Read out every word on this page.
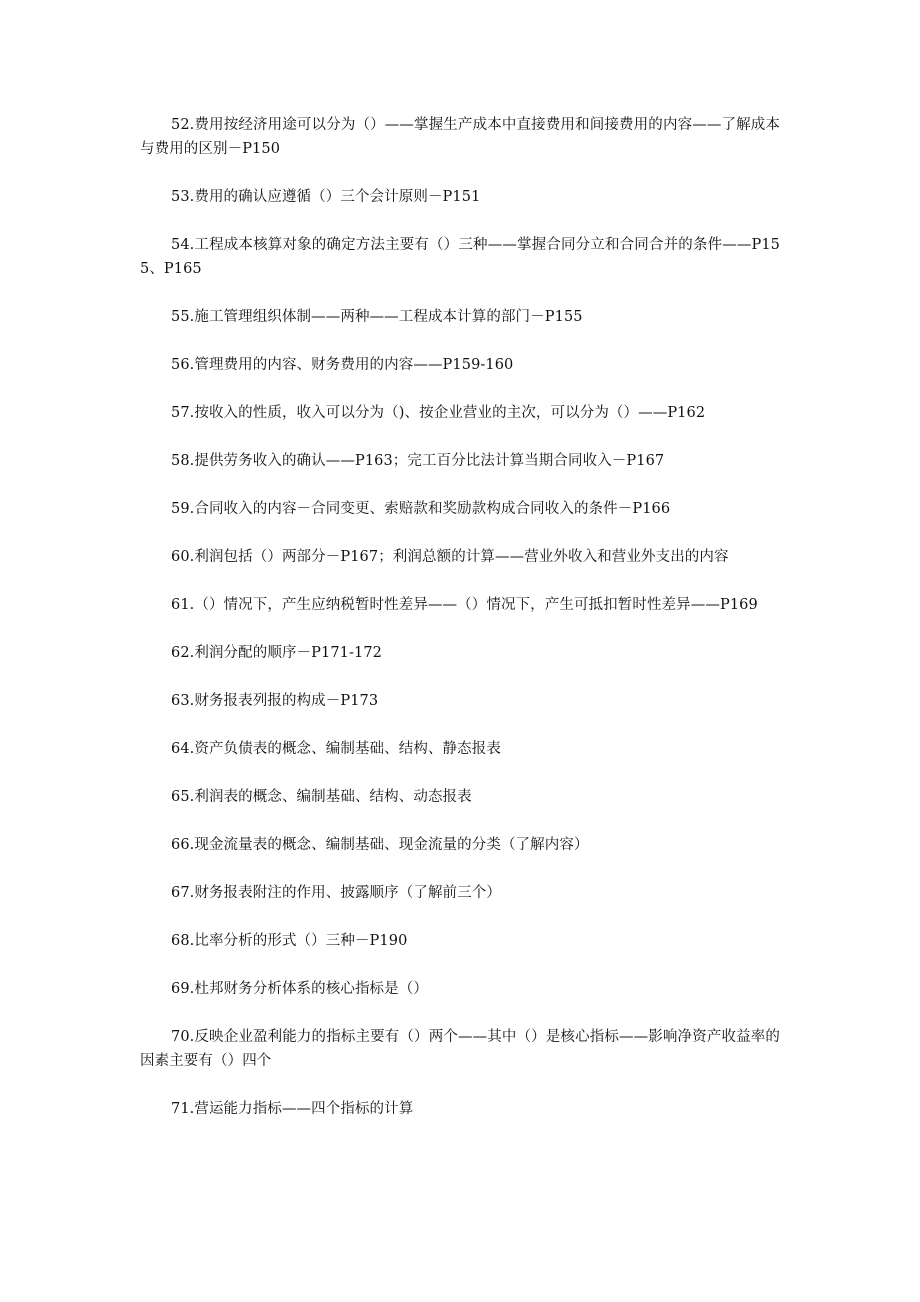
52.费用按经济用途可以分为（）——掌握生产成本中直接费用和间接费用的内容——了解成本与费用的区别－P150

53.费用的确认应遵循（）三个会计原则－P151

54.工程成本核算对象的确定方法主要有（）三种——掌握合同分立和合同合并的条件——P155、P165

55.施工管理组织体制——两种——工程成本计算的部门－P155

56.管理费用的内容、财务费用的内容——P159-160

57.按收入的性质，收入可以分为（)、按企业营业的主次，可以分为（）——P162

58.提供劳务收入的确认——P163；完工百分比法计算当期合同收入－P167

59.合同收入的内容－合同变更、索赔款和奖励款构成合同收入的条件－P166

60.利润包括（）两部分－P167；利润总额的计算——营业外收入和营业外支出的内容

61.（）情况下，产生应纳税暂时性差异——（）情况下，产生可抵扣暂时性差异——P169

62.利润分配的顺序－P171-172

63.财务报表列报的构成－P173

64.资产负债表的概念、编制基础、结构、静态报表

65.利润表的概念、编制基础、结构、动态报表

66.现金流量表的概念、编制基础、现金流量的分类（了解内容）

67.财务报表附注的作用、披露顺序（了解前三个）

68.比率分析的形式（）三种－P190

69.杜邦财务分析体系的核心指标是（）

70.反映企业盈利能力的指标主要有（）两个——其中（）是核心指标——影响净资产收益率的因素主要有（）四个

71.营运能力指标——四个指标的计算
